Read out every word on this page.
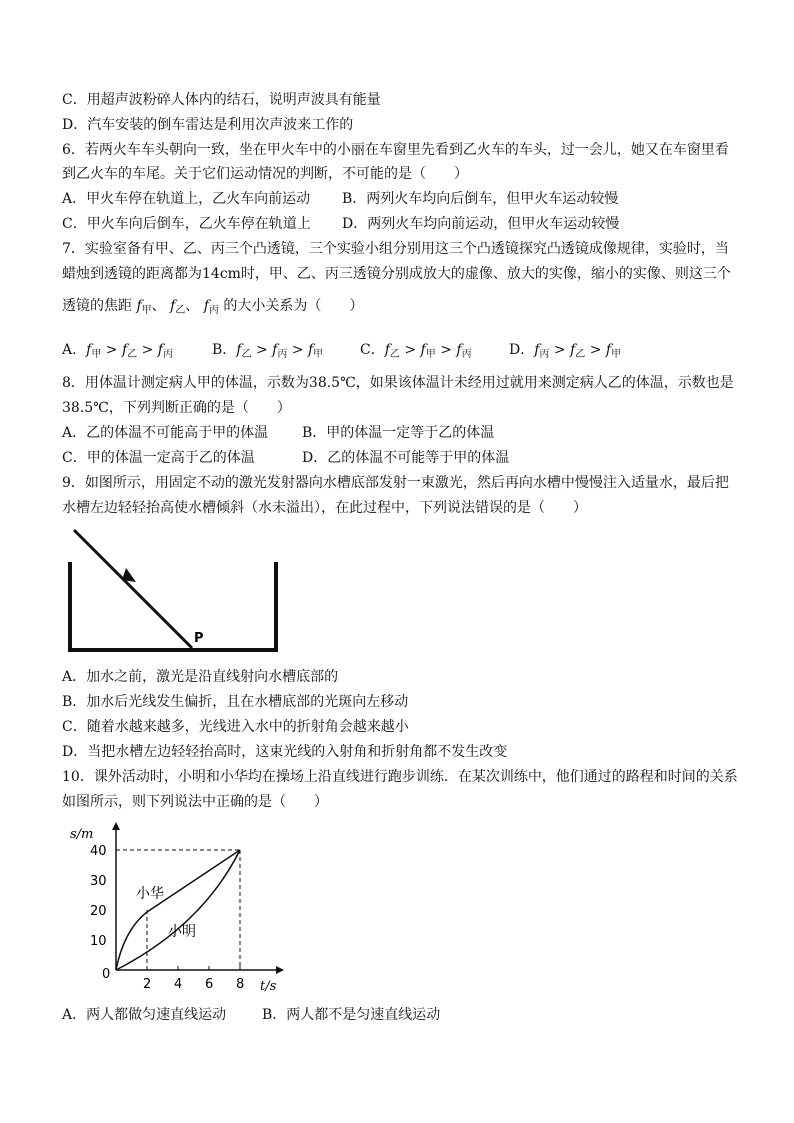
C．用超声波粉碎人体内的结石，说明声波具有能量
D．汽车安装的倒车雷达是利用次声波来工作的
6．若两火车车头朝向一致，坐在甲火车中的小丽在车窗里先看到乙火车的车头，过一会儿，她又在车窗里看
到乙火车的车尾。关于它们运动情况的判断，不可能的是（　　）
A．甲火车停在轨道上，乙火车向前运动 B．两列火车均向后倒车，但甲火车运动较慢
C．甲火车向后倒车，乙火车停在轨道上 D．两列火车均向前运动，但甲火车运动较慢
7．实验室备有甲、乙、丙三个凸透镜，三个实验小组分别用这三个凸透镜探究凸透镜成像规律，实验时，当
蜡烛到透镜的距离都为14cm时，甲、乙、丙三透镜分别成放大的虚像、放大的实像，缩小的实像、则这三个
透镜的焦距 $f_甲$、 $f_乙$、 $f_丙$ 的大小关系为（　　）
A．$f_甲 > f_乙 > f_丙$	B．$f_乙 > f_丙 > f_甲$	C．$f_乙 > f_甲 > f_丙$	D．$f_丙 > f_乙 > f_甲$
8．用体温计测定病人甲的体温，示数为38.5℃，如果该体温计未经用过就用来测定病人乙的体温，示数也是
38.5℃，下列判断正确的是（　　）
A．乙的体温不可能高于甲的体温 B．甲的体温一定等于乙的体温
C．甲的体温一定高于乙的体温	D．乙的体温不可能等于甲的体温
9．如图所示，用固定不动的激光发射器向水槽底部发射一束激光，然后再向水槽中慢慢注入适量水，最后把
水槽左边轻轻抬高使水槽倾斜（水未溢出），在此过程中，下列说法错误的是（　　）
P
A．加水之前，激光是沿直线射向水槽底部的
B．加水后光线发生偏折，且在水槽底部的光斑向左移动
C．随着水越来越多，光线进入水中的折射角会越来越小
D．当把水槽左边轻轻抬高时，这束光线的入射角和折射角都不发生改变
10．课外活动时，小明和小华均在操场上沿直线进行跑步训练．在某次训练中，他们通过的路程和时间的关系
如图所示，则下列说法中正确的是（　　）
s/m
t/s
0
40
30
20
10
2 4 6 8
小华
小明
A．两人都做匀速直线运动	B．两人都不是匀速直线运动
